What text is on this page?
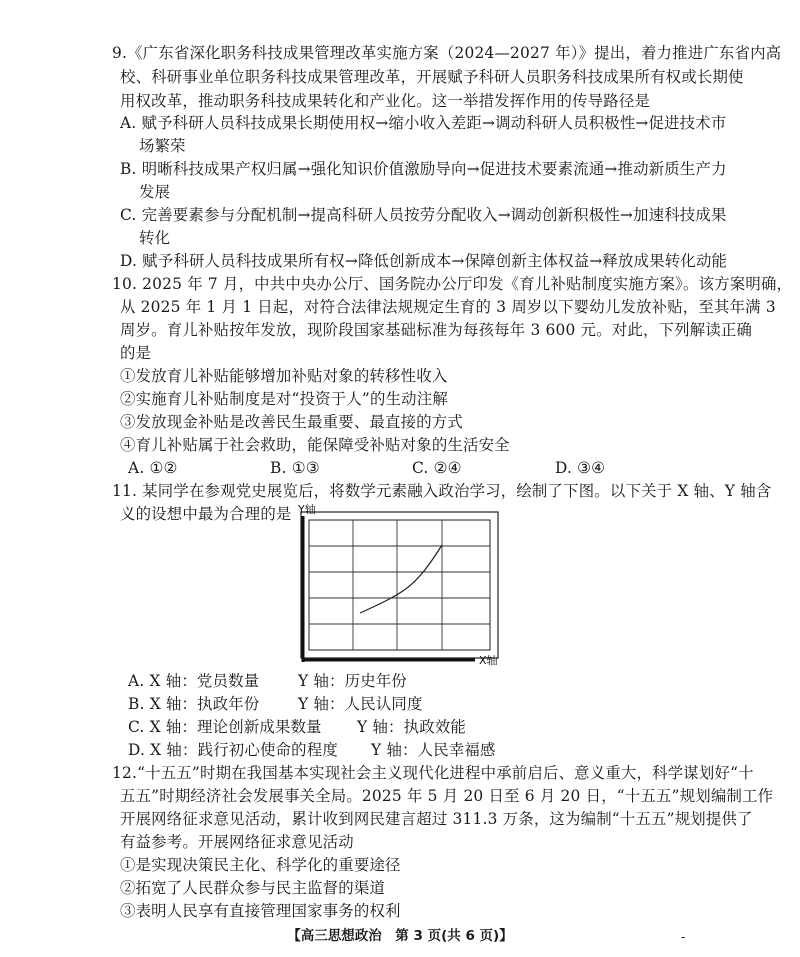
9.《广东省深化职务科技成果管理改革实施方案（2024—2027 年）》提出，着力推进广东省内高
校、科研事业单位职务科技成果管理改革，开展赋予科研人员职务科技成果所有权或长期使
用权改革，推动职务科技成果转化和产业化。这一举措发挥作用的传导路径是
A. 赋予科研人员科技成果长期使用权→缩小收入差距→调动科研人员积极性→促进技术市
场繁荣
B. 明晰科技成果产权归属→强化知识价值激励导向→促进技术要素流通→推动新质生产力
发展
C. 完善要素参与分配机制→提高科研人员按劳分配收入→调动创新积极性→加速科技成果
转化
D. 赋予科研人员科技成果所有权→降低创新成本→保障创新主体权益→释放成果转化动能
10. 2025 年 7 月，中共中央办公厅、国务院办公厅印发《育儿补贴制度实施方案》。该方案明确，
从 2025 年 1 月 1 日起，对符合法律法规规定生育的 3 周岁以下婴幼儿发放补贴，至其年满 3
周岁。育儿补贴按年发放，现阶段国家基础标准为每孩每年 3 600 元。对此，下列解读正确
的是
①发放育儿补贴能够增加补贴对象的转移性收入
②实施育儿补贴制度是对“投资于人”的生动注解
③发放现金补贴是改善民生最重要、最直接的方式
④育儿补贴属于社会救助，能保障受补贴对象的生活安全
A. ①②	B. ①③	C. ②④	D. ③④
11. 某同学在参观党史展览后，将数学元素融入政治学习，绘制了下图。以下关于 X 轴、Y 轴含
义的设想中最为合理的是 Y轴
X轴
A. X 轴：党员数量	Y 轴：历史年份
B. X 轴：执政年份	Y 轴：人民认同度
C. X 轴：理论创新成果数量 Y 轴：执政效能
D. X 轴：践行初心使命的程度 Y 轴：人民幸福感
12.“十五五”时期在我国基本实现社会主义现代化进程中承前启后、意义重大，科学谋划好“十
五五”时期经济社会发展事关全局。2025 年 5 月 20 日至 6 月 20 日，“十五五”规划编制工作
开展网络征求意见活动，累计收到网民建言超过 311.3 万条，这为编制“十五五”规划提供了
有益参考。开展网络征求意见活动
①是实现决策民主化、科学化的重要途径
②拓宽了人民群众参与民主监督的渠道
③表明人民享有直接管理国家事务的权利
【高三思想政治　第 3 页(共 6 页)】	-
